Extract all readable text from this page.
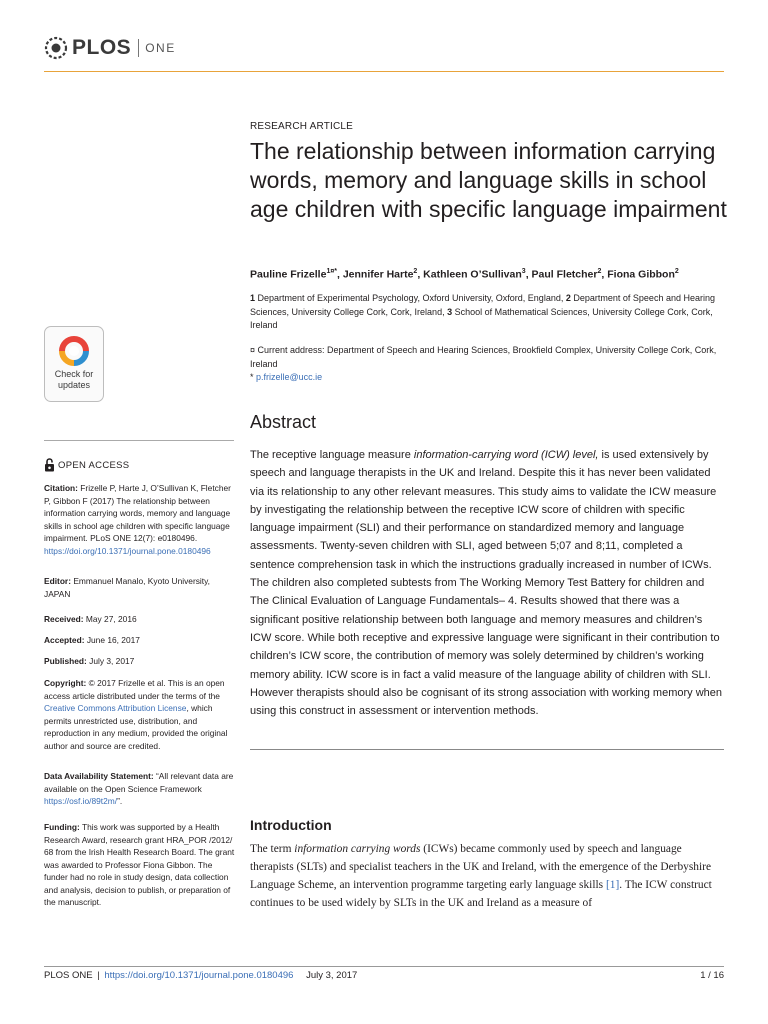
PLOS ONE
RESEARCH ARTICLE
The relationship between information carrying words, memory and language skills in school age children with specific language impairment
Pauline Frizelle$^{1¤*}$, Jennifer Harte$^2$, Kathleen O’Sullivan$^3$, Paul Fletcher$^2$, Fiona Gibbon$^2$
1 Department of Experimental Psychology, Oxford University, Oxford, England, 2 Department of Speech and Hearing Sciences, University College Cork, Cork, Ireland, 3 School of Mathematical Sciences, University College Cork, Cork, Ireland
¤ Current address: Department of Speech and Hearing Sciences, Brookfield Complex, University College Cork, Cork, Ireland
* p.frizelle@ucc.ie
Abstract

The receptive language measure information-carrying word (ICW) level, is used extensively by speech and language therapists in the UK and Ireland. Despite this it has never been validated via its relationship to any other relevant measures. This study aims to validate the ICW measure by investigating the relationship between the receptive ICW score of children with specific language impairment (SLI) and their performance on standardized memory and language assessments. Twenty-seven children with SLI, aged between 5;07 and 8;11, completed a sentence comprehension task in which the instructions gradually increased in number of ICWs. The children also completed subtests from The Working Memory Test Battery for children and The Clinical Evaluation of Language Fundamentals– 4. Results showed that there was a significant positive relationship between both language and memory measures and children’s ICW score. While both receptive and expressive language were significant in their contribution to children’s ICW score, the contribution of memory was solely determined by children’s working memory ability. ICW score is in fact a valid measure of the language ability of children with SLI. However therapists should also be cognisant of its strong association with working memory when using this construct in assessment or intervention methods.

Introduction

The term information carrying words (ICWs) became commonly used by speech and language therapists (SLTs) and specialist teachers in the UK and Ireland, with the emergence of the Derbyshire Language Scheme, an intervention programme targeting early language skills [1]. The ICW construct continues to be used widely by SLTs in the UK and Ireland as a measure of

Check for
updates
OPEN ACCESS
Citation: Frizelle P, Harte J, O’Sullivan K, Fletcher P, Gibbon F (2017) The relationship between information carrying words, memory and language skills in school age children with specific language impairment. PLoS ONE 12(7): e0180496. https://doi.org/10.1371/journal.pone.0180496
Editor: Emmanuel Manalo, Kyoto University, JAPAN
Received: May 27, 2016
Accepted: June 16, 2017
Published: July 3, 2017
Copyright: © 2017 Frizelle et al. This is an open access article distributed under the terms of the Creative Commons Attribution License, which permits unrestricted use, distribution, and reproduction in any medium, provided the original author and source are credited.
Data Availability Statement: “All relevant data are available on the Open Science Framework https://osf.io/89t2m/”.
Funding: This work was supported by a Health Research Award, research grant HRA_POR /2012/ 68 from the Irish Health Research Board. The grant was awarded to Professor Fiona Gibbon. The funder had no role in study design, data collection and analysis, decision to publish, or preparation of the manuscript.
PLOS ONE | https://doi.org/10.1371/journal.pone.0180496 July 3, 2017	1 / 16
